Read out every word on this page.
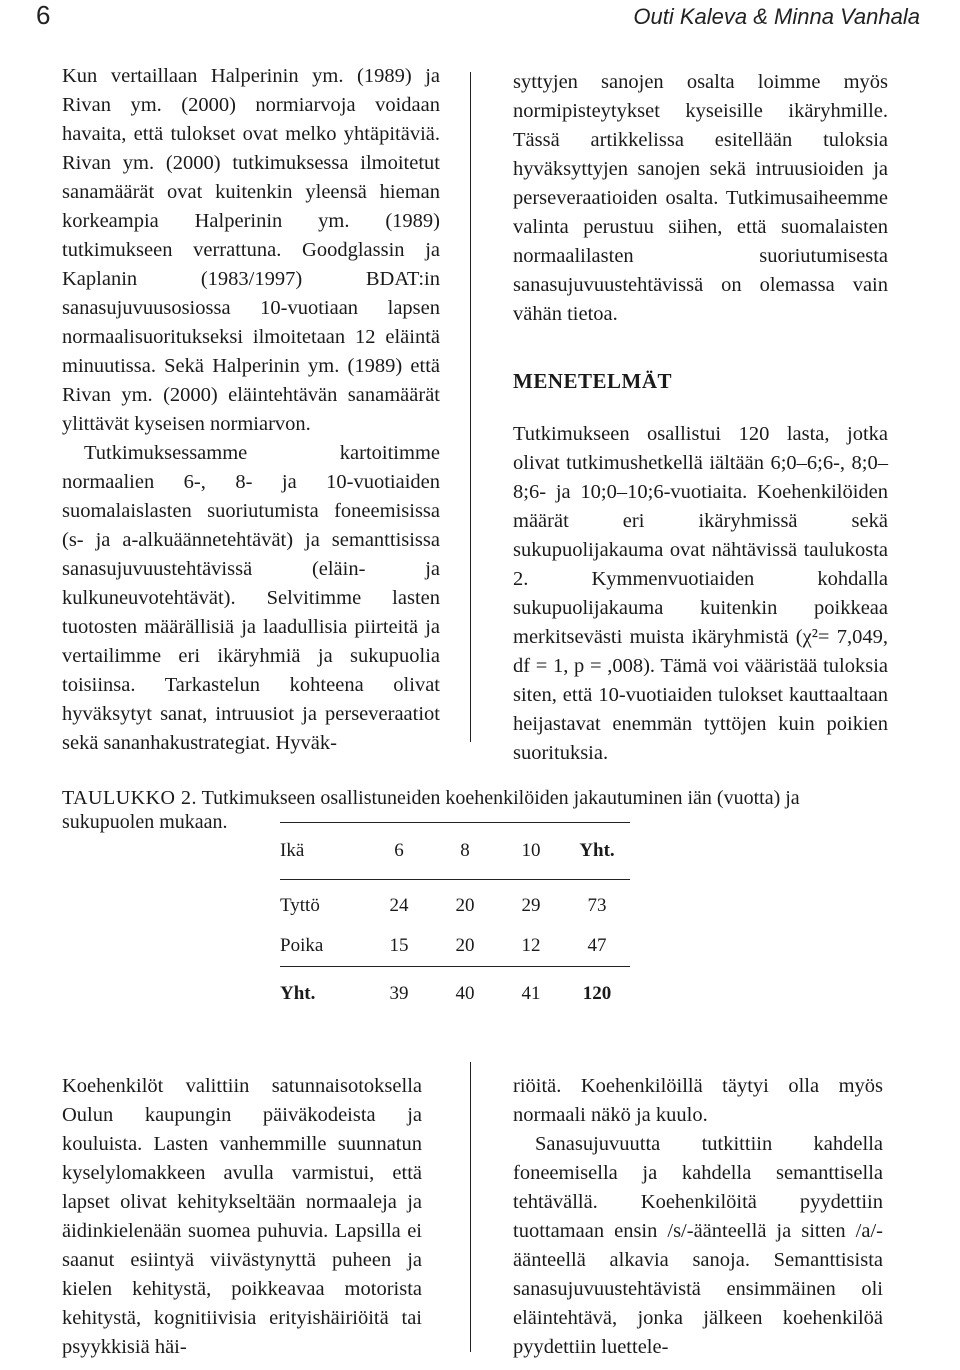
6	Outi Kaleva & Minna Vanhala

Kun vertaillaan Halperinin ym. (1989) ja Rivan ym. (2000) normiarvoja voidaan havaita, että tulokset ovat melko yhtäpitäviä. Rivan ym. (2000) tutkimuksessa ilmoitetut sanamäärät ovat kuitenkin yleensä hieman korkeampia Halperinin ym. (1989) tutkimukseen verrattuna. Goodglassin ja Kaplanin (1983/1997) BDAT:in sanasujuvuusosiossa 10-vuotiaan lapsen normaalisuoritukseksi ilmoitetaan 12 eläintä minuutissa. Sekä Halperinin ym. (1989) että Rivan ym. (2000) eläintehtävän sanamäärät ylittävät kyseisen normiarvon.

Tutkimuksessamme kartoitimme normaalien 6-, 8- ja 10-vuotiaiden suomalaislasten suoriutumista foneemisissa (s- ja a-alkuäännetehtävät) ja semanttisissa sanasujuvuustehtävissä (eläin- ja kulkuneuvotehtävät). Selvitimme lasten tuotosten määrällisiä ja laadullisia piirteitä ja vertailimme eri ikäryhmiä ja sukupuolia toisiinsa. Tarkastelun kohteena olivat hyväksytyt sanat, intruusiot ja perseveraatiot sekä sananhakustrategiat. Hyväk-

syttyjen sanojen osalta loimme myös normipisteytykset kyseisille ikäryhmille. Tässä artikkelissa esitellään tuloksia hyväksyttyjen sanojen sekä intruusioiden ja perseveraatioiden osalta. Tutkimusaiheemme valinta perustuu siihen, että suomalaisten normaalilasten suoriutumisesta sanasujuvuustehtävissä on olemassa vain vähän tietoa.

MENETELMÄT

Tutkimukseen osallistui 120 lasta, jotka olivat tutkimushetkellä iältään 6;0–6;6-, 8;0–8;6- ja 10;0–10;6-vuotiaita. Koehenkilöiden määrät eri ikäryhmissä sekä sukupuolijakauma ovat nähtävissä taulukosta 2. Kymmenvuotiaiden kohdalla sukupuolijakauma kuitenkin poikkeaa merkitsevästi muista ikäryhmistä (χ²= 7,049, df = 1, p = ,008). Tämä voi vääristää tuloksia siten, että 10-vuotiaiden tulokset kauttaaltaan heijastavat enemmän tyttöjen kuin poikien suorituksia.

TAULUKKO 2. Tutkimukseen osallistuneiden koehenkilöiden jakautuminen iän (vuotta) ja sukupuolen mukaan.
Ikä	6	8	10	Yht.
Tyttö	24	20	29	73
Poika	15	20	12	47
Yht.	39	40	41	120

Koehenkilöt valittiin satunnaisotoksella Oulun kaupungin päiväkodeista ja kouluista. Lasten vanhemmille suunnatun kyselylomakkeen avulla varmistui, että lapset olivat kehitykseltään normaaleja ja äidinkielenään suomea puhuvia. Lapsilla ei saanut esiintyä viivästynyttä puheen ja kielen kehitystä, poikkeavaa motorista kehitystä, kognitiivisia erityishäiriöitä tai psyykkisiä häi-

riöitä. Koehenkilöillä täytyi olla myös normaali näkö ja kuulo.

Sanasujuvuutta tutkittiin kahdella foneemisella ja kahdella semanttisella tehtävällä. Koehenkilöitä pyydettiin tuottamaan ensin /s/-äänteellä ja sitten /a/-äänteellä alkavia sanoja. Semanttisista sanasujuvuustehtävistä ensimmäinen oli eläintehtävä, jonka jälkeen koehenkilöä pyydettiin luettele-
